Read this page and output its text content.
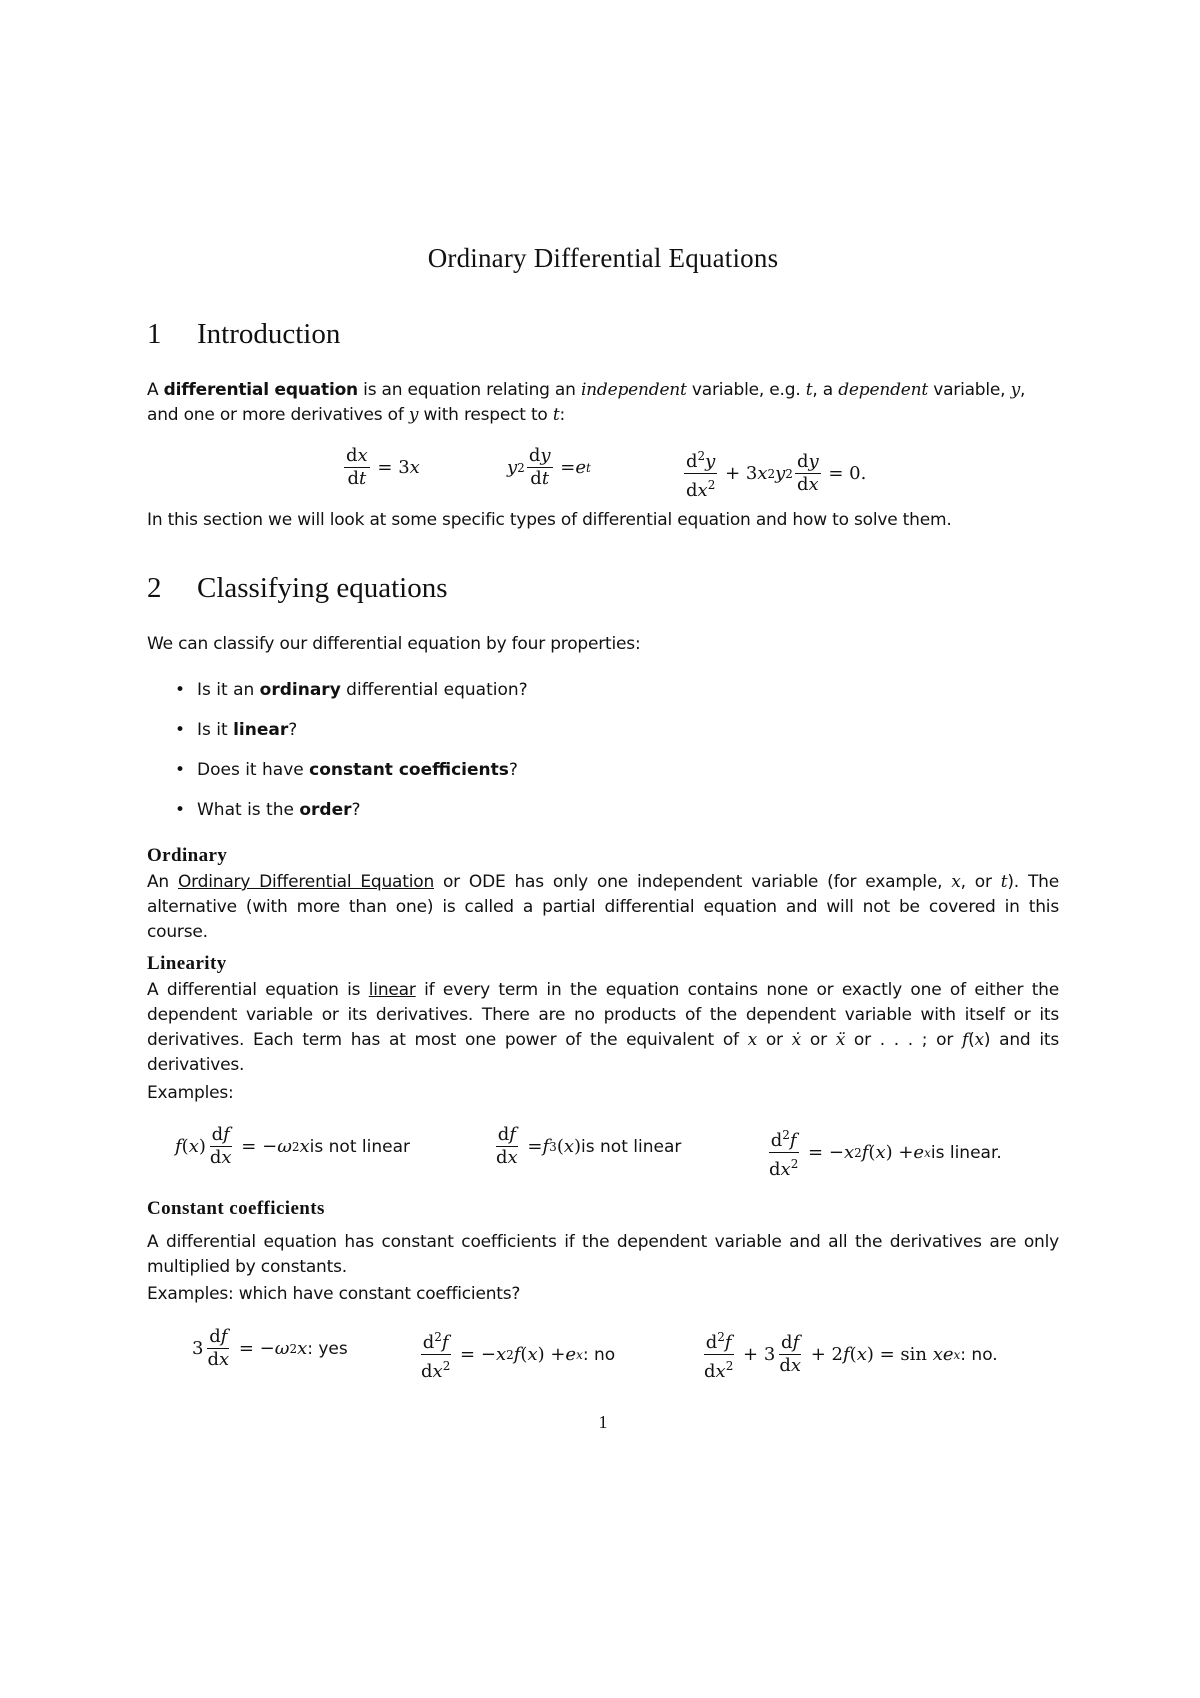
Ordinary Differential Equations
1 Introduction

A differential equation is an equation relating an independent variable, e.g. t, a dependent variable, y,
and one or more derivatives of y with respect to t:

$\frac{dx}{dt} = 3$ x	y $2 \frac{dy}{dt} = e$ t	$\frac{d^2y}{dx^2} + 3$ x 2 y $2 \frac{dy}{dx} = 0$.

In this section we will look at some specific types of differential equation and how to solve them.

2 Classifying equations

We can classify our differential equation by four properties:

• Is it an ordinary differential equation?
• Is it linear?
• Does it have constant coefficients?
• What is the order?
Ordinary

An Ordinary Differential Equation or ODE has only one independent variable (for example, x, or t). The alternative (with more than one) is called a partial differential equation and will not be covered in this course.

Linearity

A differential equation is linear if every term in the equation contains none or exactly one of either the dependent variable or its derivatives. There are no products of the dependent variable with itself or its derivatives. Each term has at most one power of the equivalent of x or ẋ or ẍ or . . . ; or f(x) and its derivatives.

Examples:

f ( x ) $\frac{df}{dx}$ = − ω 2 x is not linear	$\frac{df}{dx} = f$ 3 ( x ) is not linear	$\frac{d^2f}{dx^2}$ = − x 2 f ( x ) + e x is linear.
Constant coefficients

A differential equation has constant coefficients if the dependent variable and all the derivatives are only multiplied by constants.

Examples: which have constant coefficients?

$3 \frac{df}{dx}$ = − ω 2 x : yes	$\frac{d^2f}{dx^2}$ = − x 2 f ( x ) + e x : no	$\frac{d^2f}{dx^2} + 3 \frac{df}{dx} + 2$ f ( x ) = sin x e x : no.
1
